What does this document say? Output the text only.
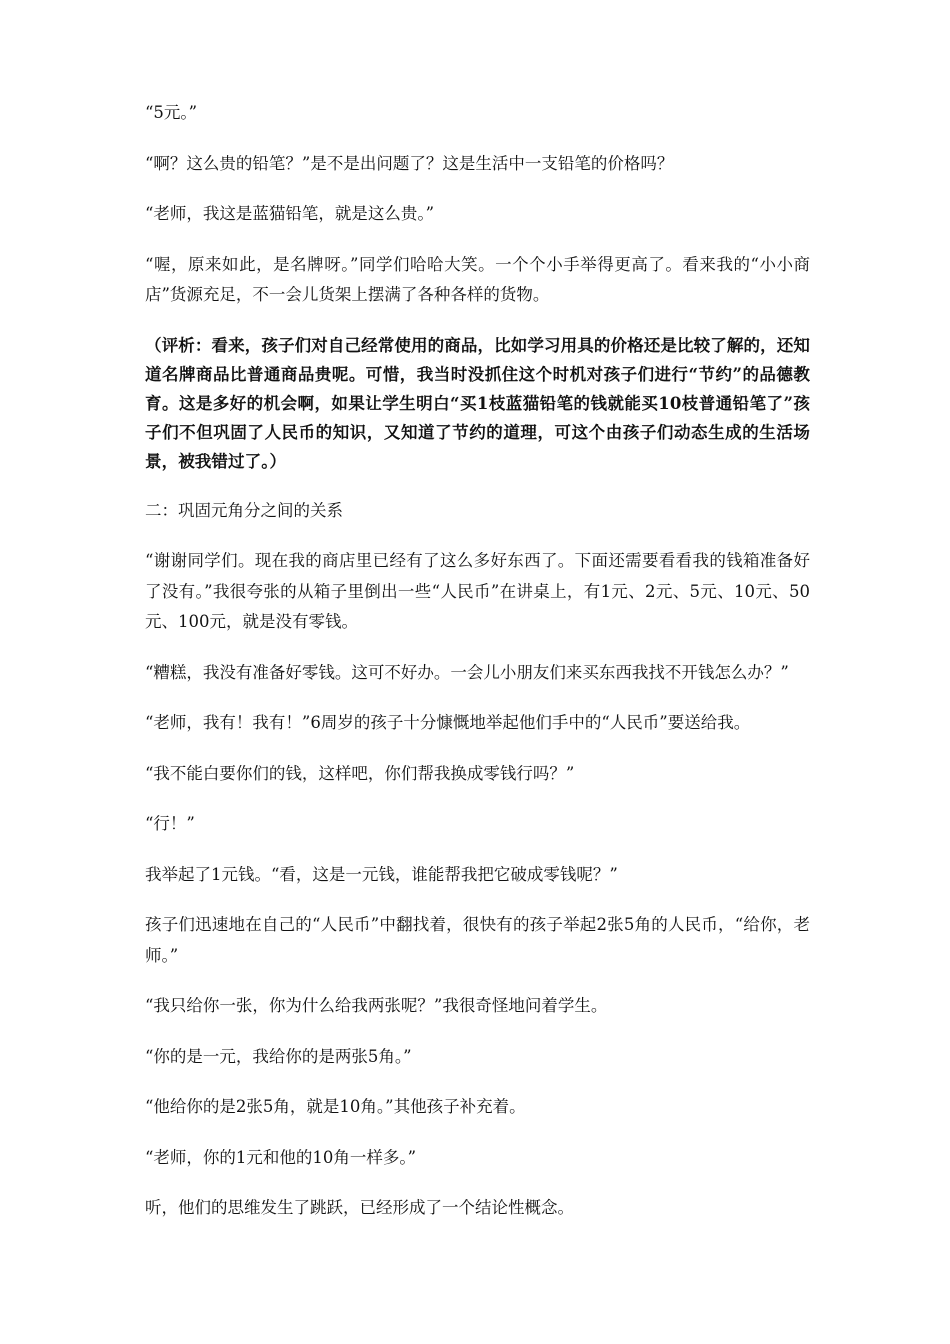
“5元。”

“啊？这么贵的铅笔？”是不是出问题了？这是生活中一支铅笔的价格吗？

“老师，我这是蓝猫铅笔，就是这么贵。”

“喔，原来如此，是名牌呀。”同学们哈哈大笑。一个个小手举得更高了。看来我的“小小商店”货源充足，不一会儿货架上摆满了各种各样的货物。

（评析：看来，孩子们对自己经常使用的商品，比如学习用具的价格还是比较了解的，还知道名牌商品比普通商品贵呢。可惜，我当时没抓住这个时机对孩子们进行“节约”的品德教育。这是多好的机会啊，如果让学生明白“买1枝蓝猫铅笔的钱就能买10枝普通铅笔了”孩子们不但巩固了人民币的知识，又知道了节约的道理，可这个由孩子们动态生成的生活场景，被我错过了。）

二：巩固元角分之间的关系

“谢谢同学们。现在我的商店里已经有了这么多好东西了。下面还需要看看我的钱箱准备好了没有。”我很夸张的从箱子里倒出一些“人民币”在讲桌上，有1元、2元、5元、10元、50元、100元，就是没有零钱。

“糟糕，我没有准备好零钱。这可不好办。一会儿小朋友们来买东西我找不开钱怎么办？”

“老师，我有！我有！”6周岁的孩子十分慷慨地举起他们手中的“人民币”要送给我。

“我不能白要你们的钱，这样吧，你们帮我换成零钱行吗？”

“行！”

我举起了1元钱。“看，这是一元钱，谁能帮我把它破成零钱呢？”

孩子们迅速地在自己的“人民币”中翻找着，很快有的孩子举起2张5角的人民币，“给你，老师。”

“我只给你一张，你为什么给我两张呢？”我很奇怪地问着学生。

“你的是一元，我给你的是两张5角。”

“他给你的是2张5角，就是10角。”其他孩子补充着。

“老师，你的1元和他的10角一样多。”

听，他们的思维发生了跳跃，已经形成了一个结论性概念。
